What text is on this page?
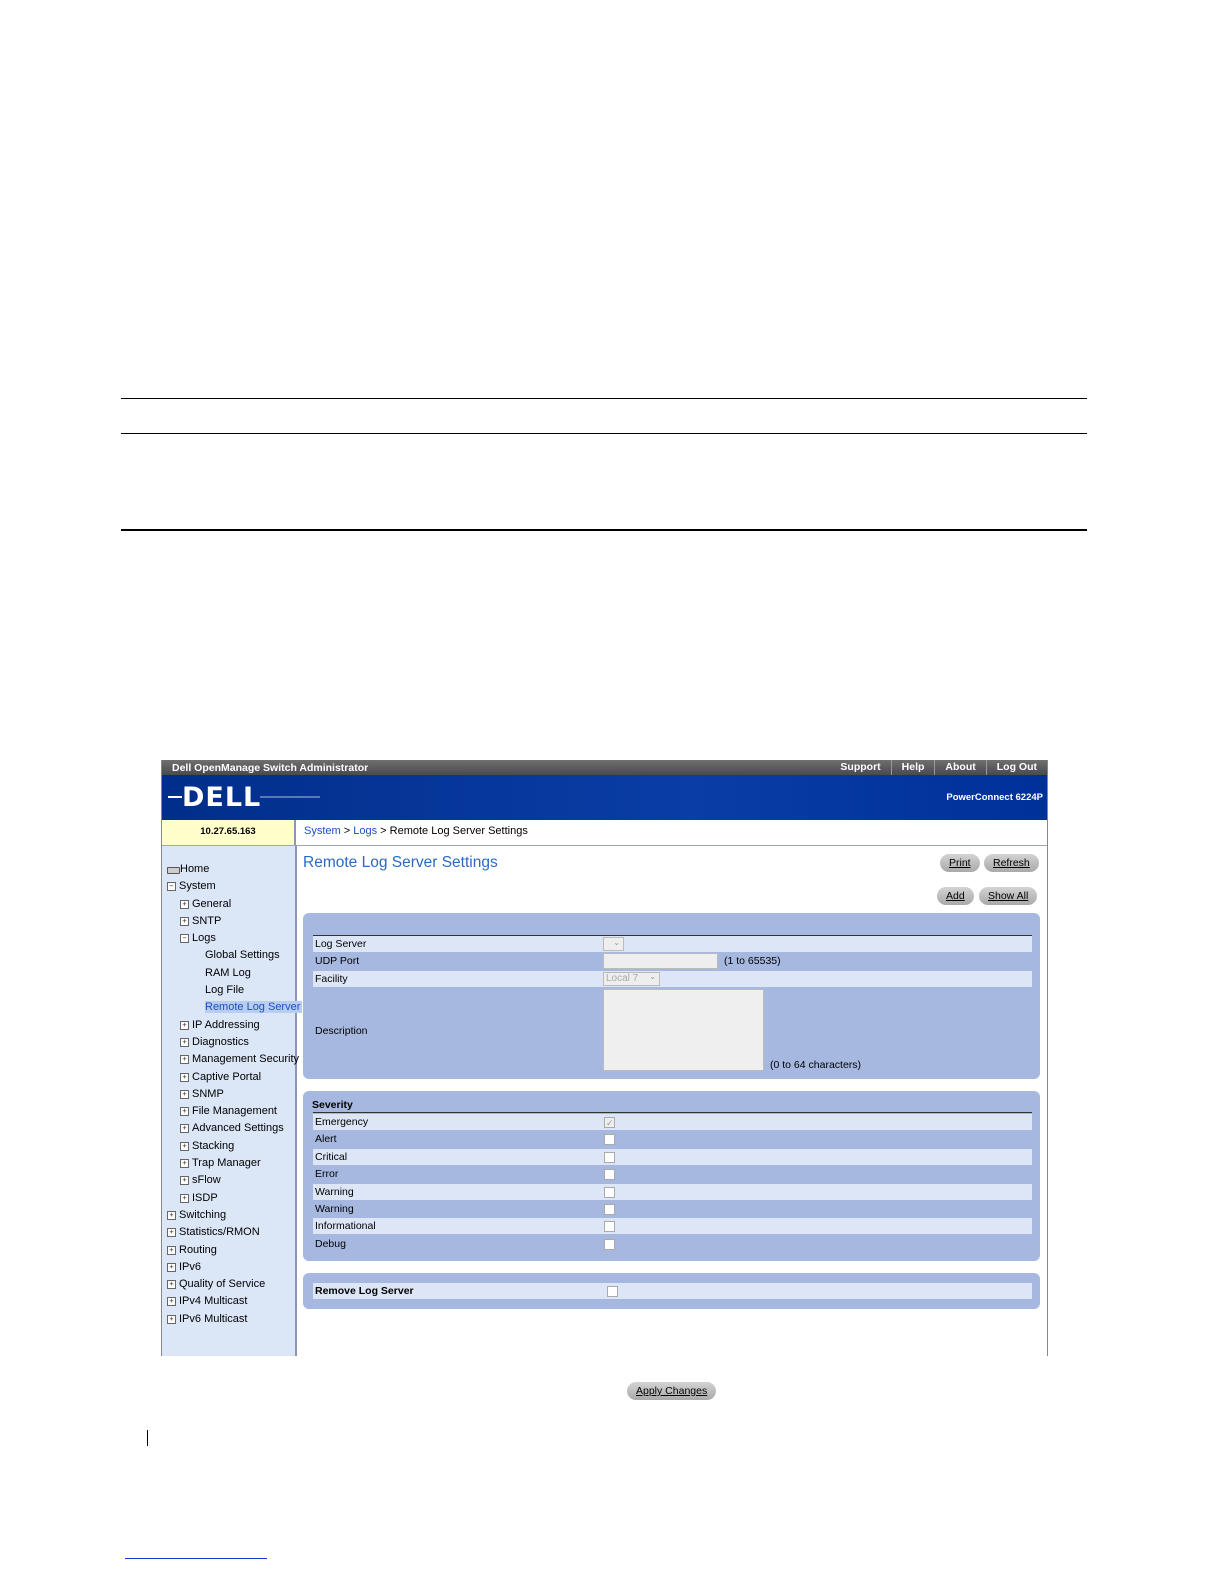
Dell OpenManage Switch Administrator	Support	Help	About	Log Out
DELL	PowerConnect 6224P
10.27.65.163	System > Logs > Remote Log Server Settings
Home
− System
+ General
+ SNTP
− Logs
Global Settings
RAM Log
Log File
Remote Log Server
+ IP Addressing
+ Diagnostics
+ Management Security
+ Captive Portal
+ SNMP
+ File Management
+ Advanced Settings
+ Stacking
+ Trap Manager
+ sFlow
+ ISDP
+ Switching
+ Statistics/RMON
+ Routing
+ IPv6
+ Quality of Service
+ IPv4 Multicast
+ IPv6 Multicast
Remote Log Server Settings	Print	Refresh
Add	Show All
Log Server	⌄
UDP Port	(1 to 65535)
Facility	Local 7 ⌄
Description
(0 to 64 characters)
Severity
Emergency	✓
Alert
Critical
Error
Warning
Warning
Informational
Debug
Remove Log Server
Apply Changes
